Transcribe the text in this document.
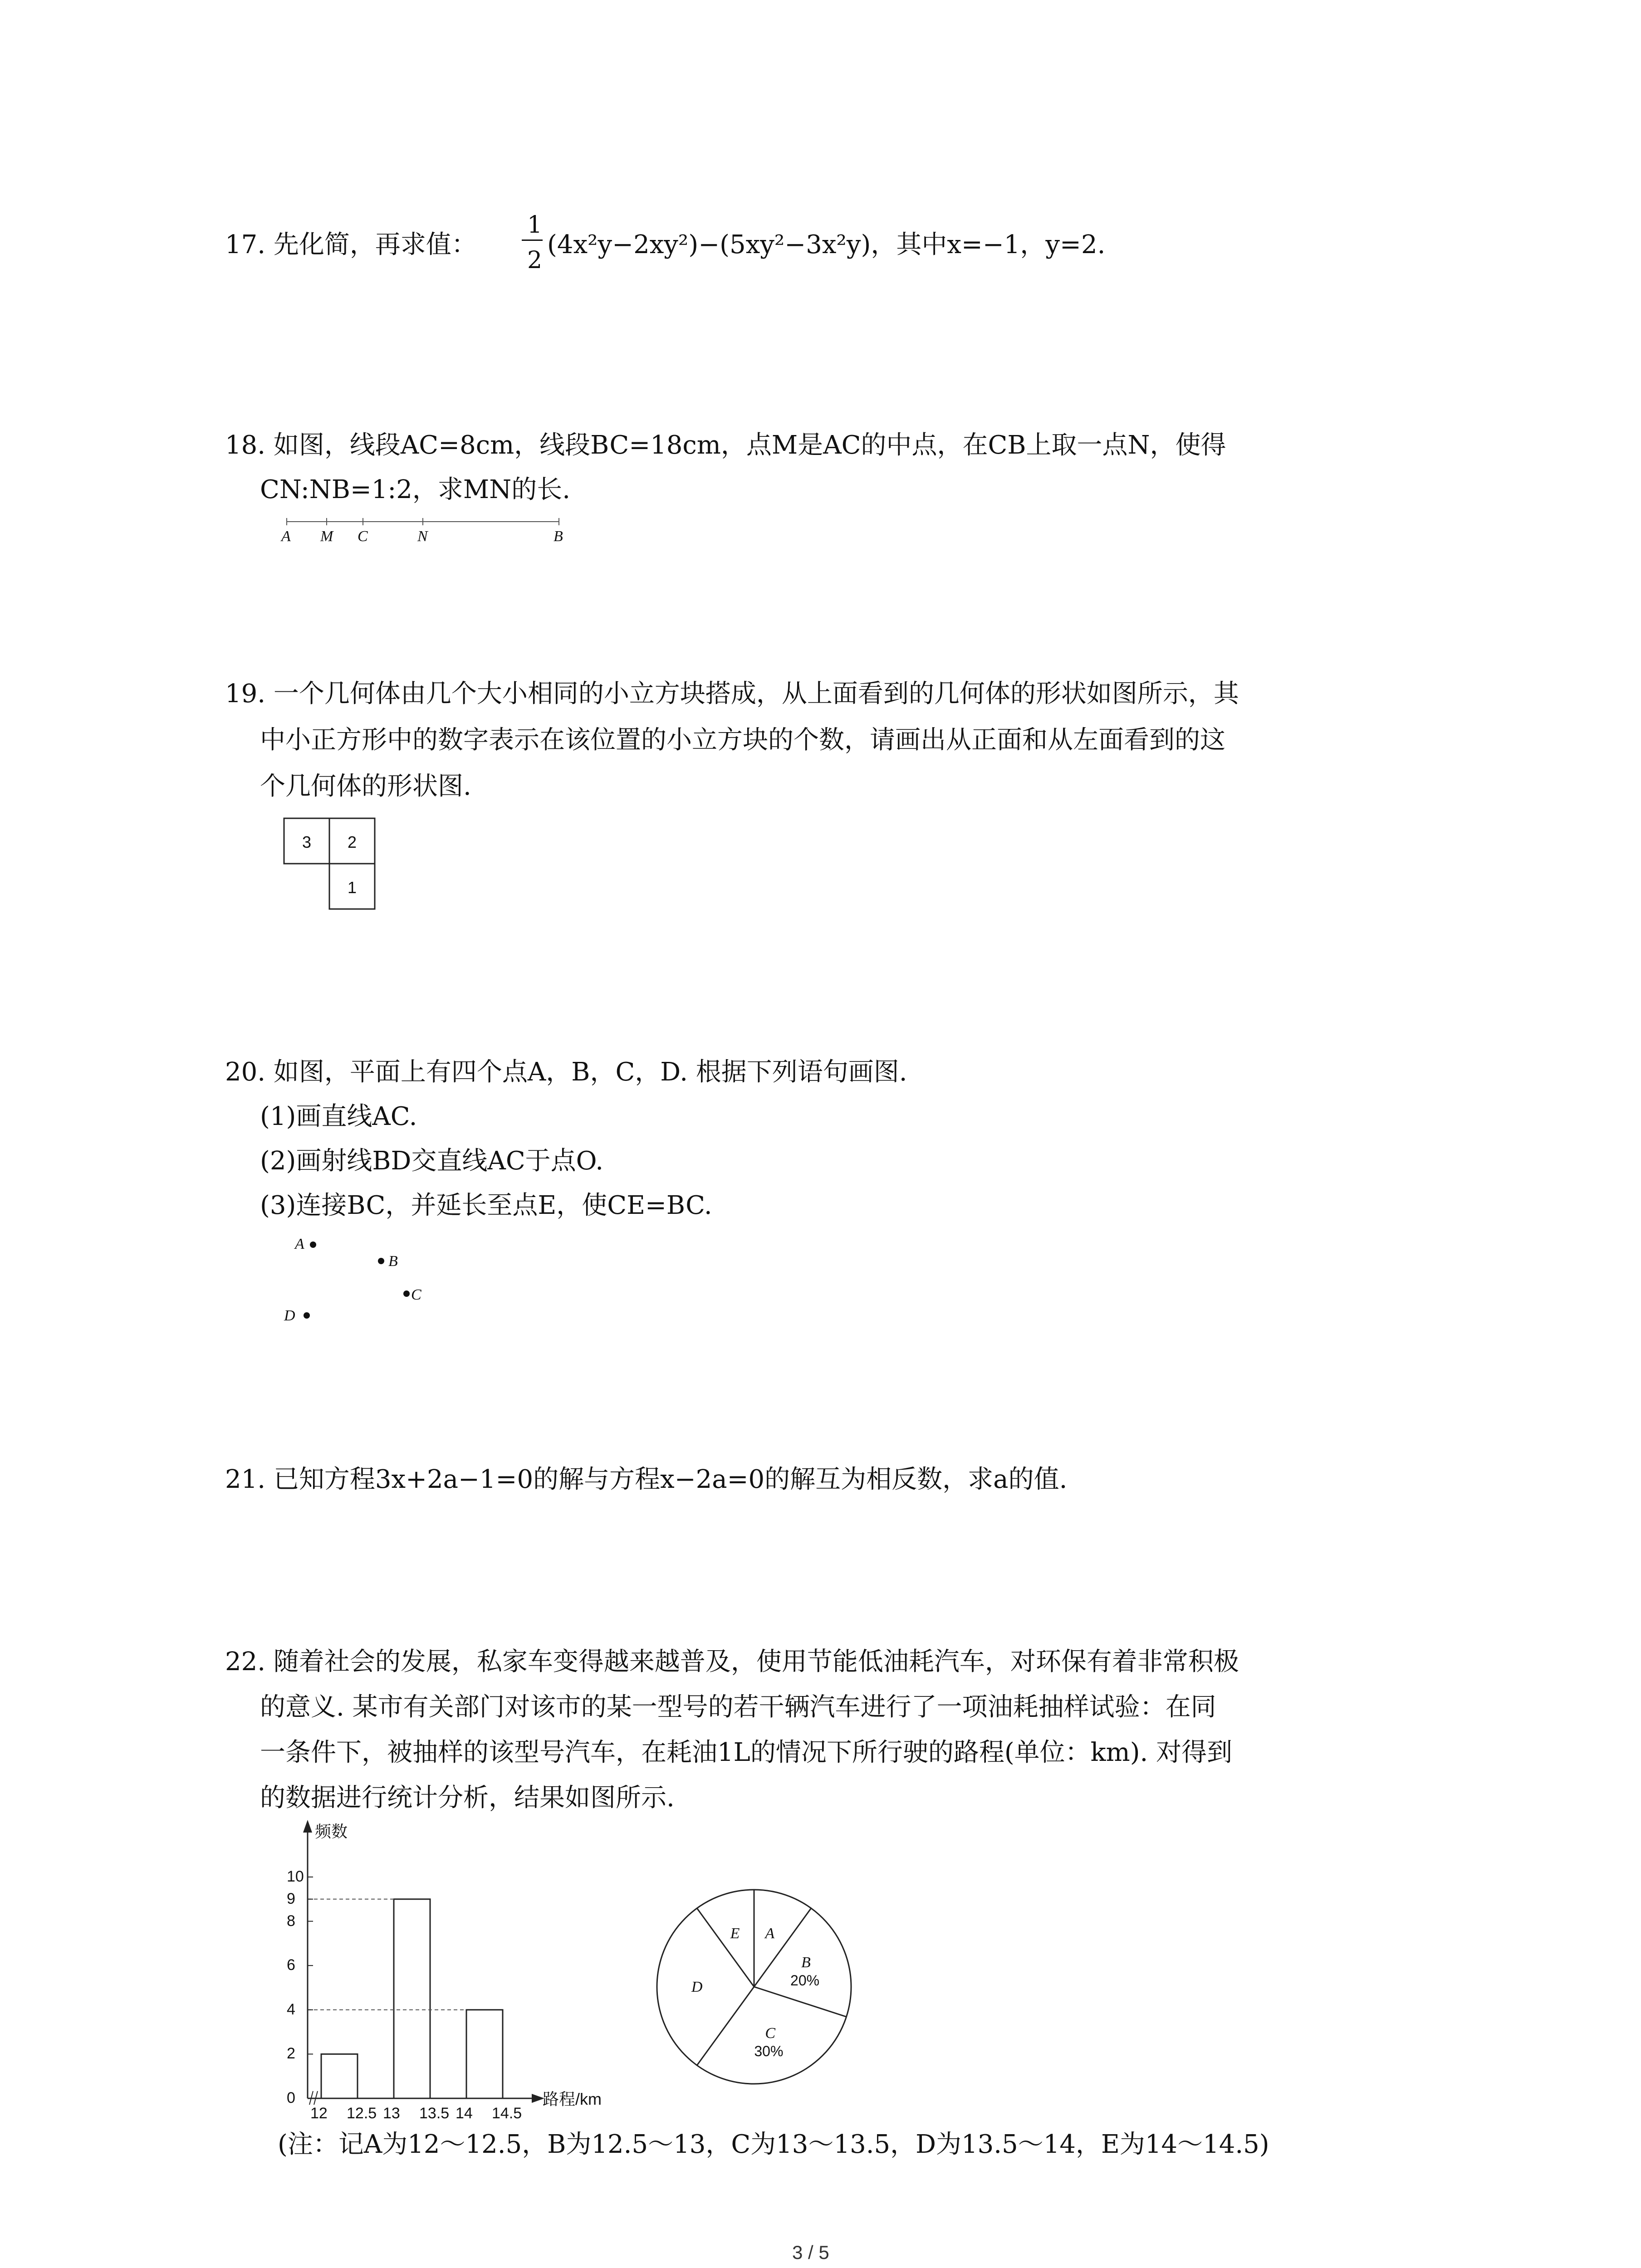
17. 先化简，再求值：
1
2
(4x²y−2xy²)−(5xy²−3x²y)，其中x=−1，y=2.
18. 如图，线段AC=8cm，线段BC=18cm，点M是AC的中点，在CB上取一点N，使得
CN:NB=1:2，求MN的长.
19. 一个几何体由几个大小相同的小立方块搭成，从上面看到的几何体的形状如图所示，其
中小正方形中的数字表示在该位置的小立方块的个数，请画出从正面和从左面看到的这
个几何体的形状图.
20. 如图，平面上有四个点A，B，C，D. 根据下列语句画图.
(1)画直线AC.
(2)画射线BD交直线AC于点O.
(3)连接BC，并延长至点E，使CE=BC.
21. 已知方程3x+2a−1=0的解与方程x−2a=0的解互为相反数，求a的值.
22. 随着社会的发展，私家车变得越来越普及，使用节能低油耗汽车，对环保有着非常积极
的意义. 某市有关部门对该市的某一型号的若干辆汽车进行了一项油耗抽样试验：在同
一条件下，被抽样的该型号汽车，在耗油1L的情况下所行驶的路程(单位：km). 对得到
的数据进行统计分析，结果如图所示.
(注：记A为12～12.5，B为12.5～13，C为13～13.5，D为13.5～14，E为14～14.5)
A M C	N	B
3 2
1
A
B
C
D
频数
路程/km
0
2
4
6
8
9
10
12 12.5 13 13.5 14 14.5
A
B
20%
C
30%
D
E
3 / 5
